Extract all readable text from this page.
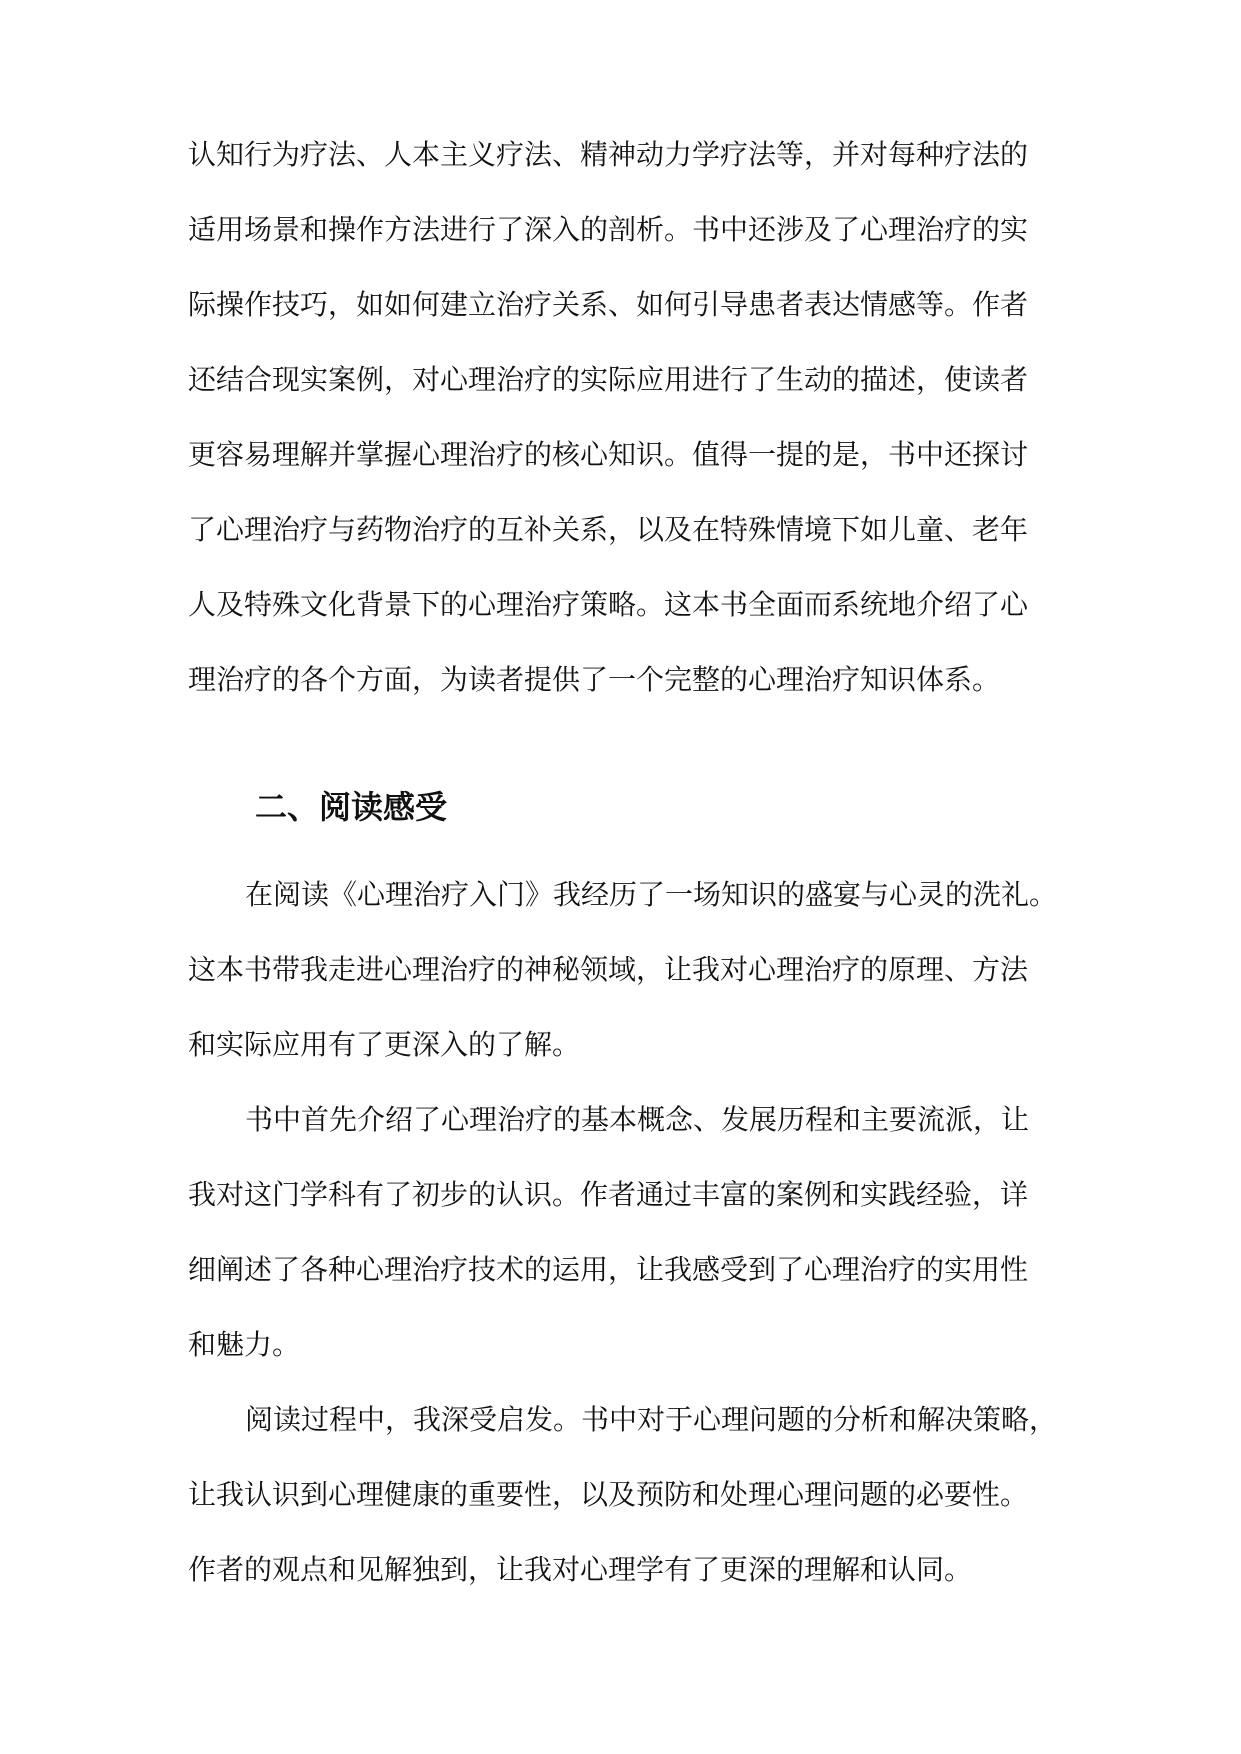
认知行为疗法、人本主义疗法、精神动力学疗法等，并对每种疗法的
适用场景和操作方法进行了深入的剖析。书中还涉及了心理治疗的实
际操作技巧，如如何建立治疗关系、如何引导患者表达情感等。作者
还结合现实案例，对心理治疗的实际应用进行了生动的描述，使读者
更容易理解并掌握心理治疗的核心知识。值得一提的是，书中还探讨
了心理治疗与药物治疗的互补关系，以及在特殊情境下如儿童、老年
人及特殊文化背景下的心理治疗策略。这本书全面而系统地介绍了心
理治疗的各个方面，为读者提供了一个完整的心理治疗知识体系。
二、阅读感受
在阅读《心理治疗入门》我经历了一场知识的盛宴与心灵的洗礼。
这本书带我走进心理治疗的神秘领域，让我对心理治疗的原理、方法
和实际应用有了更深入的了解。
书中首先介绍了心理治疗的基本概念、发展历程和主要流派，让
我对这门学科有了初步的认识。作者通过丰富的案例和实践经验，详
细阐述了各种心理治疗技术的运用，让我感受到了心理治疗的实用性
和魅力。
阅读过程中，我深受启发。书中对于心理问题的分析和解决策略，
让我认识到心理健康的重要性，以及预防和处理心理问题的必要性。
作者的观点和见解独到，让我对心理学有了更深的理解和认同。
